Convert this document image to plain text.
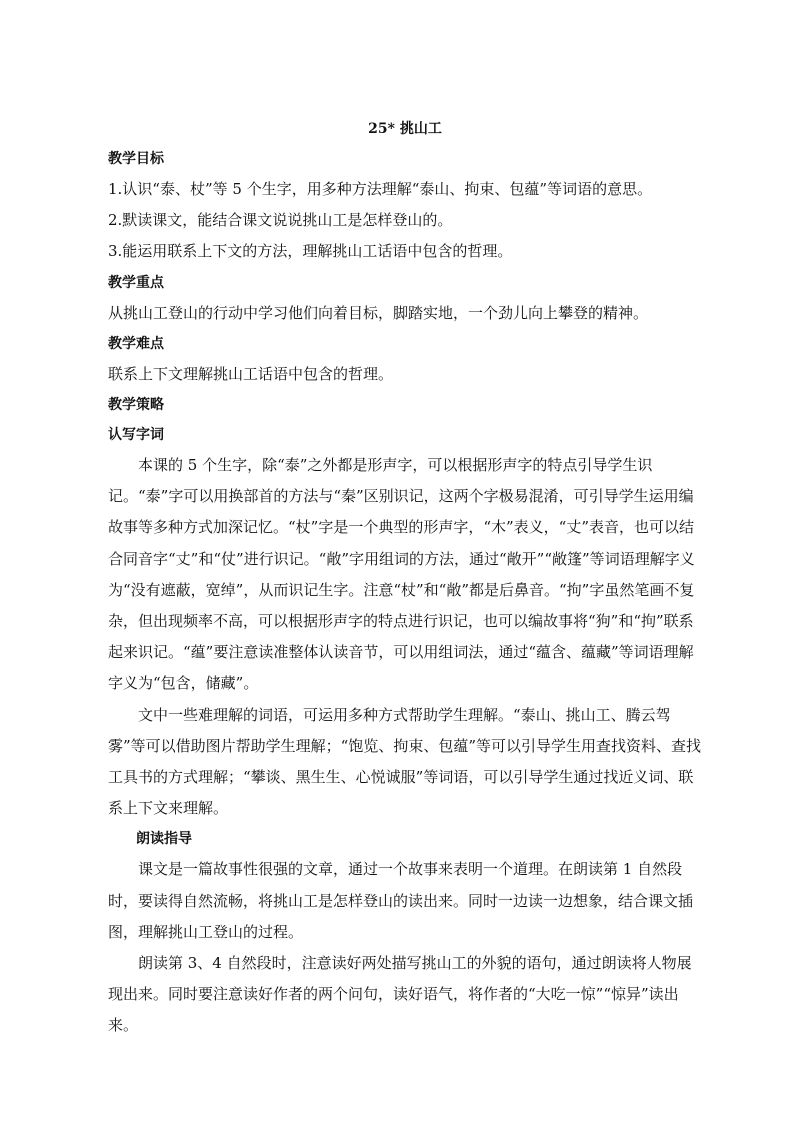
25* 挑山工

教学目标

1.认识“泰、杖”等 5 个生字，用多种方法理解“泰山、拘束、包蕴”等词语的意思。

2.默读课文，能结合课文说说挑山工是怎样登山的。

3.能运用联系上下文的方法，理解挑山工话语中包含的哲理。

教学重点

从挑山工登山的行动中学习他们向着目标，脚踏实地，一个劲儿向上攀登的精神。

教学难点

联系上下文理解挑山工话语中包含的哲理。

教学策略

认写字词

本课的 5 个生字，除“泰”之外都是形声字，可以根据形声字的特点引导学生识记。“泰”字可以用换部首的方法与“秦”区别识记，这两个字极易混淆，可引导学生运用编故事等多种方式加深记忆。“杖”字是一个典型的形声字，“木”表义，“丈”表音，也可以结合同音字“丈”和“仗”进行识记。“敞”字用组词的方法，通过“敞开”“敞篷”等词语理解字义为“没有遮蔽，宽绰”，从而识记生字。注意“杖”和“敞”都是后鼻音。“拘”字虽然笔画不复杂，但出现频率不高，可以根据形声字的特点进行识记，也可以编故事将“狗”和“拘”联系起来识记。“蕴”要注意读准整体认读音节，可以用组词法，通过“蕴含、蕴藏”等词语理解字义为“包含，储藏”。

文中一些难理解的词语，可运用多种方式帮助学生理解。“泰山、挑山工、腾云驾雾”等可以借助图片帮助学生理解；“饱览、拘束、包蕴”等可以引导学生用查找资料、查找工具书的方式理解；“攀谈、黑生生、心悦诚服”等词语，可以引导学生通过找近义词、联系上下文来理解。

朗读指导

课文是一篇故事性很强的文章，通过一个故事来表明一个道理。在朗读第 1 自然段时，要读得自然流畅，将挑山工是怎样登山的读出来。同时一边读一边想象，结合课文插图，理解挑山工登山的过程。

朗读第 3、4 自然段时，注意读好两处描写挑山工的外貌的语句，通过朗读将人物展现出来。同时要注意读好作者的两个问句，读好语气，将作者的“大吃一惊”“惊异”读出来。
